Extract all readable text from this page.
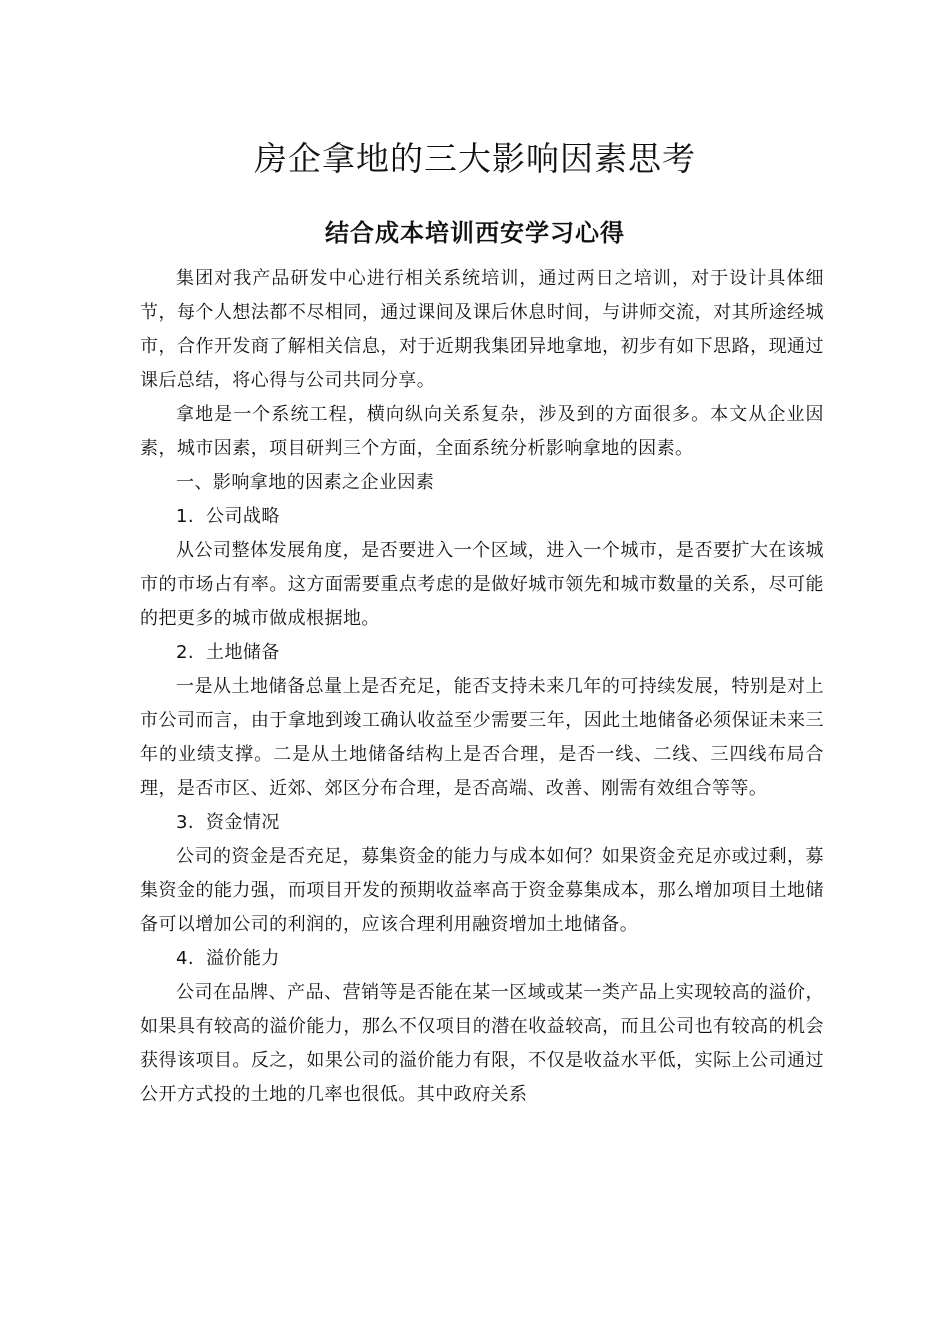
房企拿地的三大影响因素思考
结合成本培训西安学习心得

集团对我产品研发中心进行相关系统培训，通过两日之培训，对于设计具体细节，每个人想法都不尽相同，通过课间及课后休息时间，与讲师交流，对其所途经城市，合作开发商了解相关信息，对于近期我集团异地拿地，初步有如下思路，现通过课后总结，将心得与公司共同分享。

拿地是一个系统工程，横向纵向关系复杂，涉及到的方面很多。本文从企业因素，城市因素，项目研判三个方面，全面系统分析影响拿地的因素。

一、影响拿地的因素之企业因素

1. 公司战略

从公司整体发展角度，是否要进入一个区域，进入一个城市，是否要扩大在该城市的市场占有率。这方面需要重点考虑的是做好城市领先和城市数量的关系，尽可能的把更多的城市做成根据地。

2. 土地储备

一是从土地储备总量上是否充足，能否支持未来几年的可持续发展，特别是对上市公司而言，由于拿地到竣工确认收益至少需要三年，因此土地储备必须保证未来三年的业绩支撑。二是从土地储备结构上是否合理，是否一线、二线、三四线布局合理，是否市区、近郊、郊区分布合理，是否高端、改善、刚需有效组合等等。

3. 资金情况

公司的资金是否充足，募集资金的能力与成本如何？如果资金充足亦或过剩，募集资金的能力强，而项目开发的预期收益率高于资金募集成本，那么增加项目土地储备可以增加公司的利润的，应该合理利用融资增加土地储备。

4. 溢价能力

公司在品牌、产品、营销等是否能在某一区域或某一类产品上实现较高的溢价，如果具有较高的溢价能力，那么不仅项目的潜在收益较高，而且公司也有较高的机会获得该项目。反之，如果公司的溢价能力有限，不仅是收益水平低，实际上公司通过公开方式投的土地的几率也很低。其中政府关系
